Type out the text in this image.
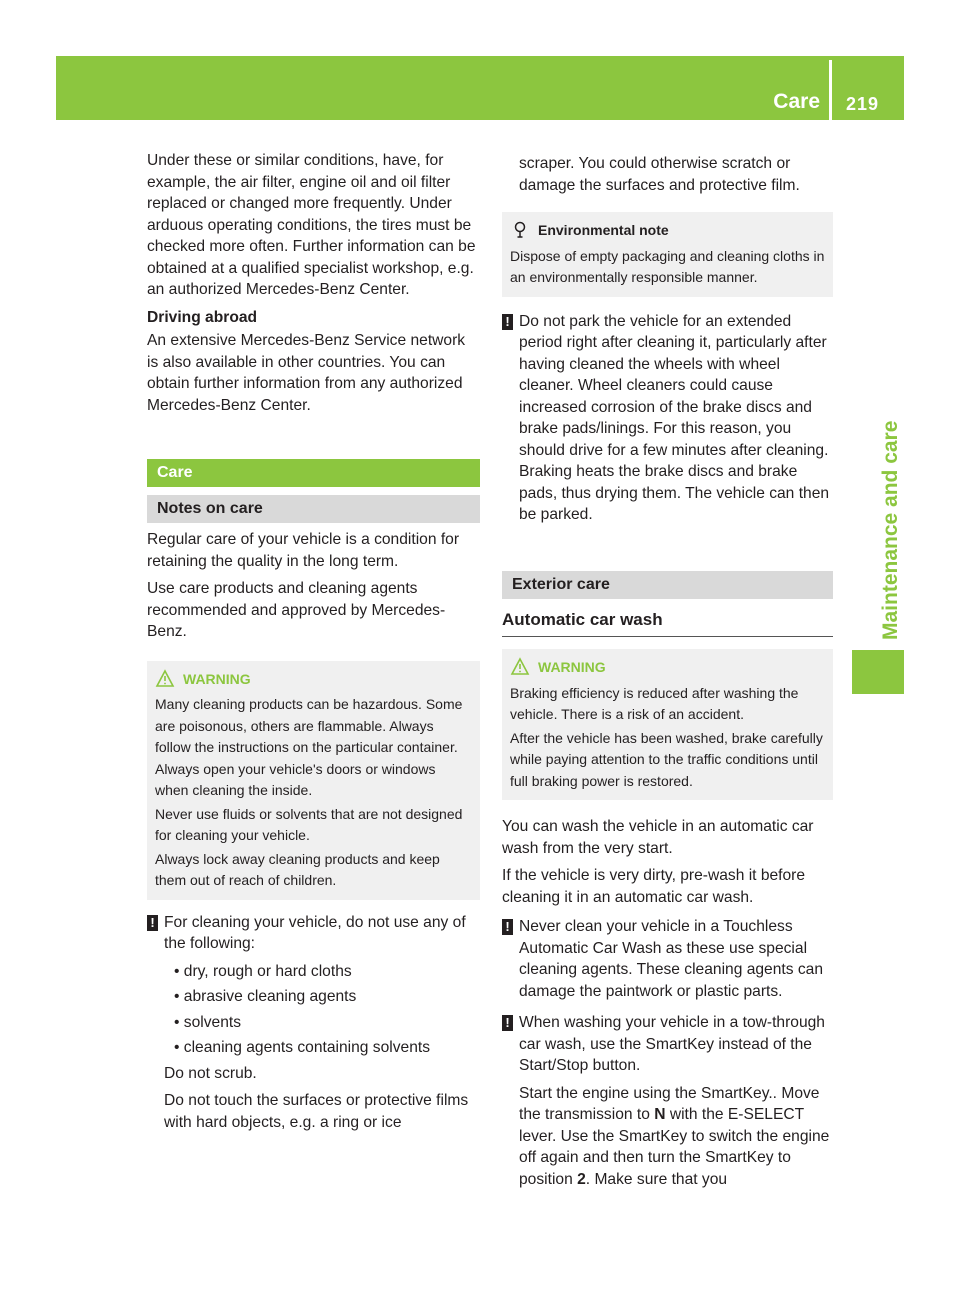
Care 219
Maintenance and care

Under these or similar conditions, have, for example, the air filter, engine oil and oil filter replaced or changed more frequently. Under arduous operating conditions, the tires must be checked more often. Further information can be obtained at a qualified specialist workshop, e.g. an authorized Mercedes-Benz Center.

Driving abroad

An extensive Mercedes-Benz Service network is also available in other countries. You can obtain further information from any authorized Mercedes-Benz Center.

Care
Notes on care

Regular care of your vehicle is a condition for retaining the quality in the long term.

Use care products and cleaning agents recommended and approved by Mercedes-Benz.

WARNING

Many cleaning products can be hazardous. Some are poisonous, others are flammable. Always follow the instructions on the particular container. Always open your vehicle's doors or windows when cleaning the inside.

Never use fluids or solvents that are not designed for cleaning your vehicle.

Always lock away cleaning products and keep them out of reach of children.

! For cleaning your vehicle, do not use any of the following:
• dry, rough or hard cloths
• abrasive cleaning agents
• solvents
• cleaning agents containing solvents

Do not scrub.

Do not touch the surfaces or protective films with hard objects, e.g. a ring or ice

scraper. You could otherwise scratch or damage the surfaces and protective film.

Environmental note

Dispose of empty packaging and cleaning cloths in an environmentally responsible manner.

! Do not park the vehicle for an extended period right after cleaning it, particularly after having cleaned the wheels with wheel cleaner. Wheel cleaners could cause increased corrosion of the brake discs and brake pads/linings. For this reason, you should drive for a few minutes after cleaning. Braking heats the brake discs and brake pads, thus drying them. The vehicle can then be parked.
Exterior care
Automatic car wash
WARNING

Braking efficiency is reduced after washing the vehicle. There is a risk of an accident.

After the vehicle has been washed, brake carefully while paying attention to the traffic conditions until full braking power is restored.

You can wash the vehicle in an automatic car wash from the very start.

If the vehicle is very dirty, pre-wash it before cleaning it in an automatic car wash.

! Never clean your vehicle in a Touchless Automatic Car Wash as these use special cleaning agents. These cleaning agents can damage the paintwork or plastic parts.
! When washing your vehicle in a tow-through car wash, use the SmartKey instead of the Start/Stop button.

Start the engine using the SmartKey.. Move the transmission to N with the E-SELECT lever. Use the SmartKey to switch the engine off again and then turn the SmartKey to position 2. Make sure that you
